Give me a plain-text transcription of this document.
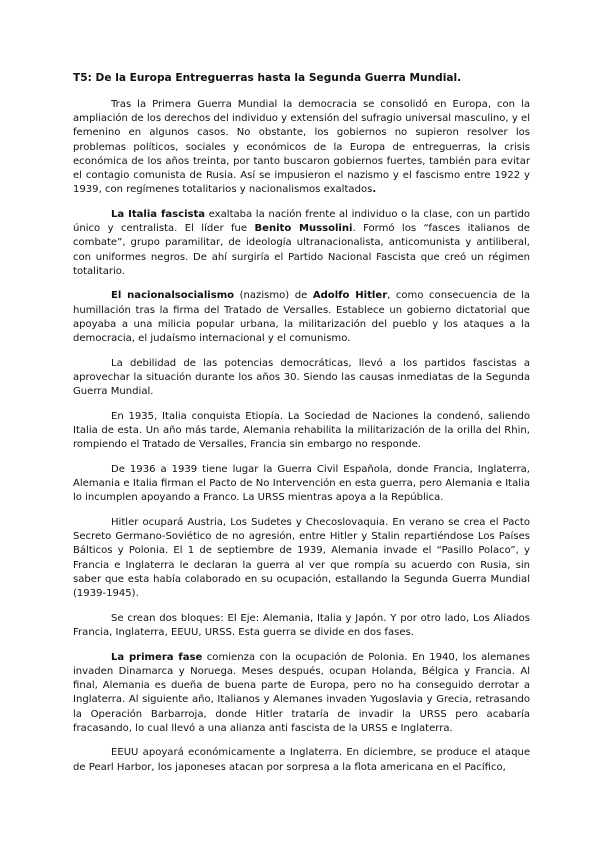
T5: De la Europa Entreguerras hasta la Segunda Guerra Mundial.

Tras la Primera Guerra Mundial la democracia se consolidó en Europa, con la ampliación de los derechos del individuo y extensión del sufragio universal masculino, y el femenino en algunos casos. No obstante, los gobiernos no supieron resolver los problemas políticos, sociales y económicos de la Europa de entreguerras, la crisis económica de los años treinta, por tanto buscaron gobiernos fuertes, también para evitar el contagio comunista de Rusia. Así se impusieron el nazismo y el fascismo entre 1922 y 1939, con regímenes totalitarios y nacionalismos exaltados.

La Italia fascista exaltaba la nación frente al individuo o la clase, con un partido único y centralista. El líder fue Benito Mussolini. Formó los “fasces italianos de combate”, grupo paramilitar, de ideología ultranacionalista, anticomunista y antiliberal, con uniformes negros. De ahí surgiría el Partido Nacional Fascista que creó un régimen totalitario.

El nacionalsocialismo (nazismo) de Adolfo Hitler, como consecuencia de la humillación tras la firma del Tratado de Versalles. Establece un gobierno dictatorial que apoyaba a una milicia popular urbana, la militarización del pueblo y los ataques a la democracia, el judaísmo internacional y el comunismo.

La debilidad de las potencias democráticas, llevó a los partidos fascistas a aprovechar la situación durante los años 30. Siendo las causas inmediatas de la Segunda Guerra Mundial.

En 1935, Italia conquista Etiopía. La Sociedad de Naciones la condenó, saliendo Italia de esta. Un año más tarde, Alemania rehabilita la militarización de la orilla del Rhin, rompiendo el Tratado de Versalles, Francia sin embargo no responde.

De 1936 a 1939 tiene lugar la Guerra Civil Española, donde Francia, Inglaterra, Alemania e Italia firman el Pacto de No Intervención en esta guerra, pero Alemania e Italia lo incumplen apoyando a Franco. La URSS mientras apoya a la República.

Hitler ocupará Austria, Los Sudetes y Checoslovaquia. En verano se crea el Pacto Secreto Germano-Soviético de no agresión, entre Hitler y Stalin repartiéndose Los Países Bálticos y Polonia. El 1 de septiembre de 1939, Alemania invade el “Pasillo Polaco”, y Francia e Inglaterra le declaran la guerra al ver que rompía su acuerdo con Rusia, sin saber que esta había colaborado en su ocupación, estallando la Segunda Guerra Mundial (1939-1945).

Se crean dos bloques: El Eje: Alemania, Italia y Japón. Y por otro lado, Los Aliados Francia, Inglaterra, EEUU, URSS. Esta guerra se divide en dos fases.

La primera fase comienza con la ocupación de Polonia. En 1940, los alemanes invaden Dinamarca y Noruega. Meses después, ocupan Holanda, Bélgica y Francia. Al final, Alemania es dueña de buena parte de Europa, pero no ha conseguido derrotar a Inglaterra. Al siguiente año, Italianos y Alemanes invaden Yugoslavia y Grecia, retrasando la Operación Barbarroja, donde Hitler trataría de invadir la URSS pero acabaría fracasando, lo cual llevó a una alianza anti fascista de la URSS e Inglaterra.

EEUU apoyará económicamente a Inglaterra. En diciembre, se produce el ataque de Pearl Harbor, los japoneses atacan por sorpresa a la flota americana en el Pacífico,
